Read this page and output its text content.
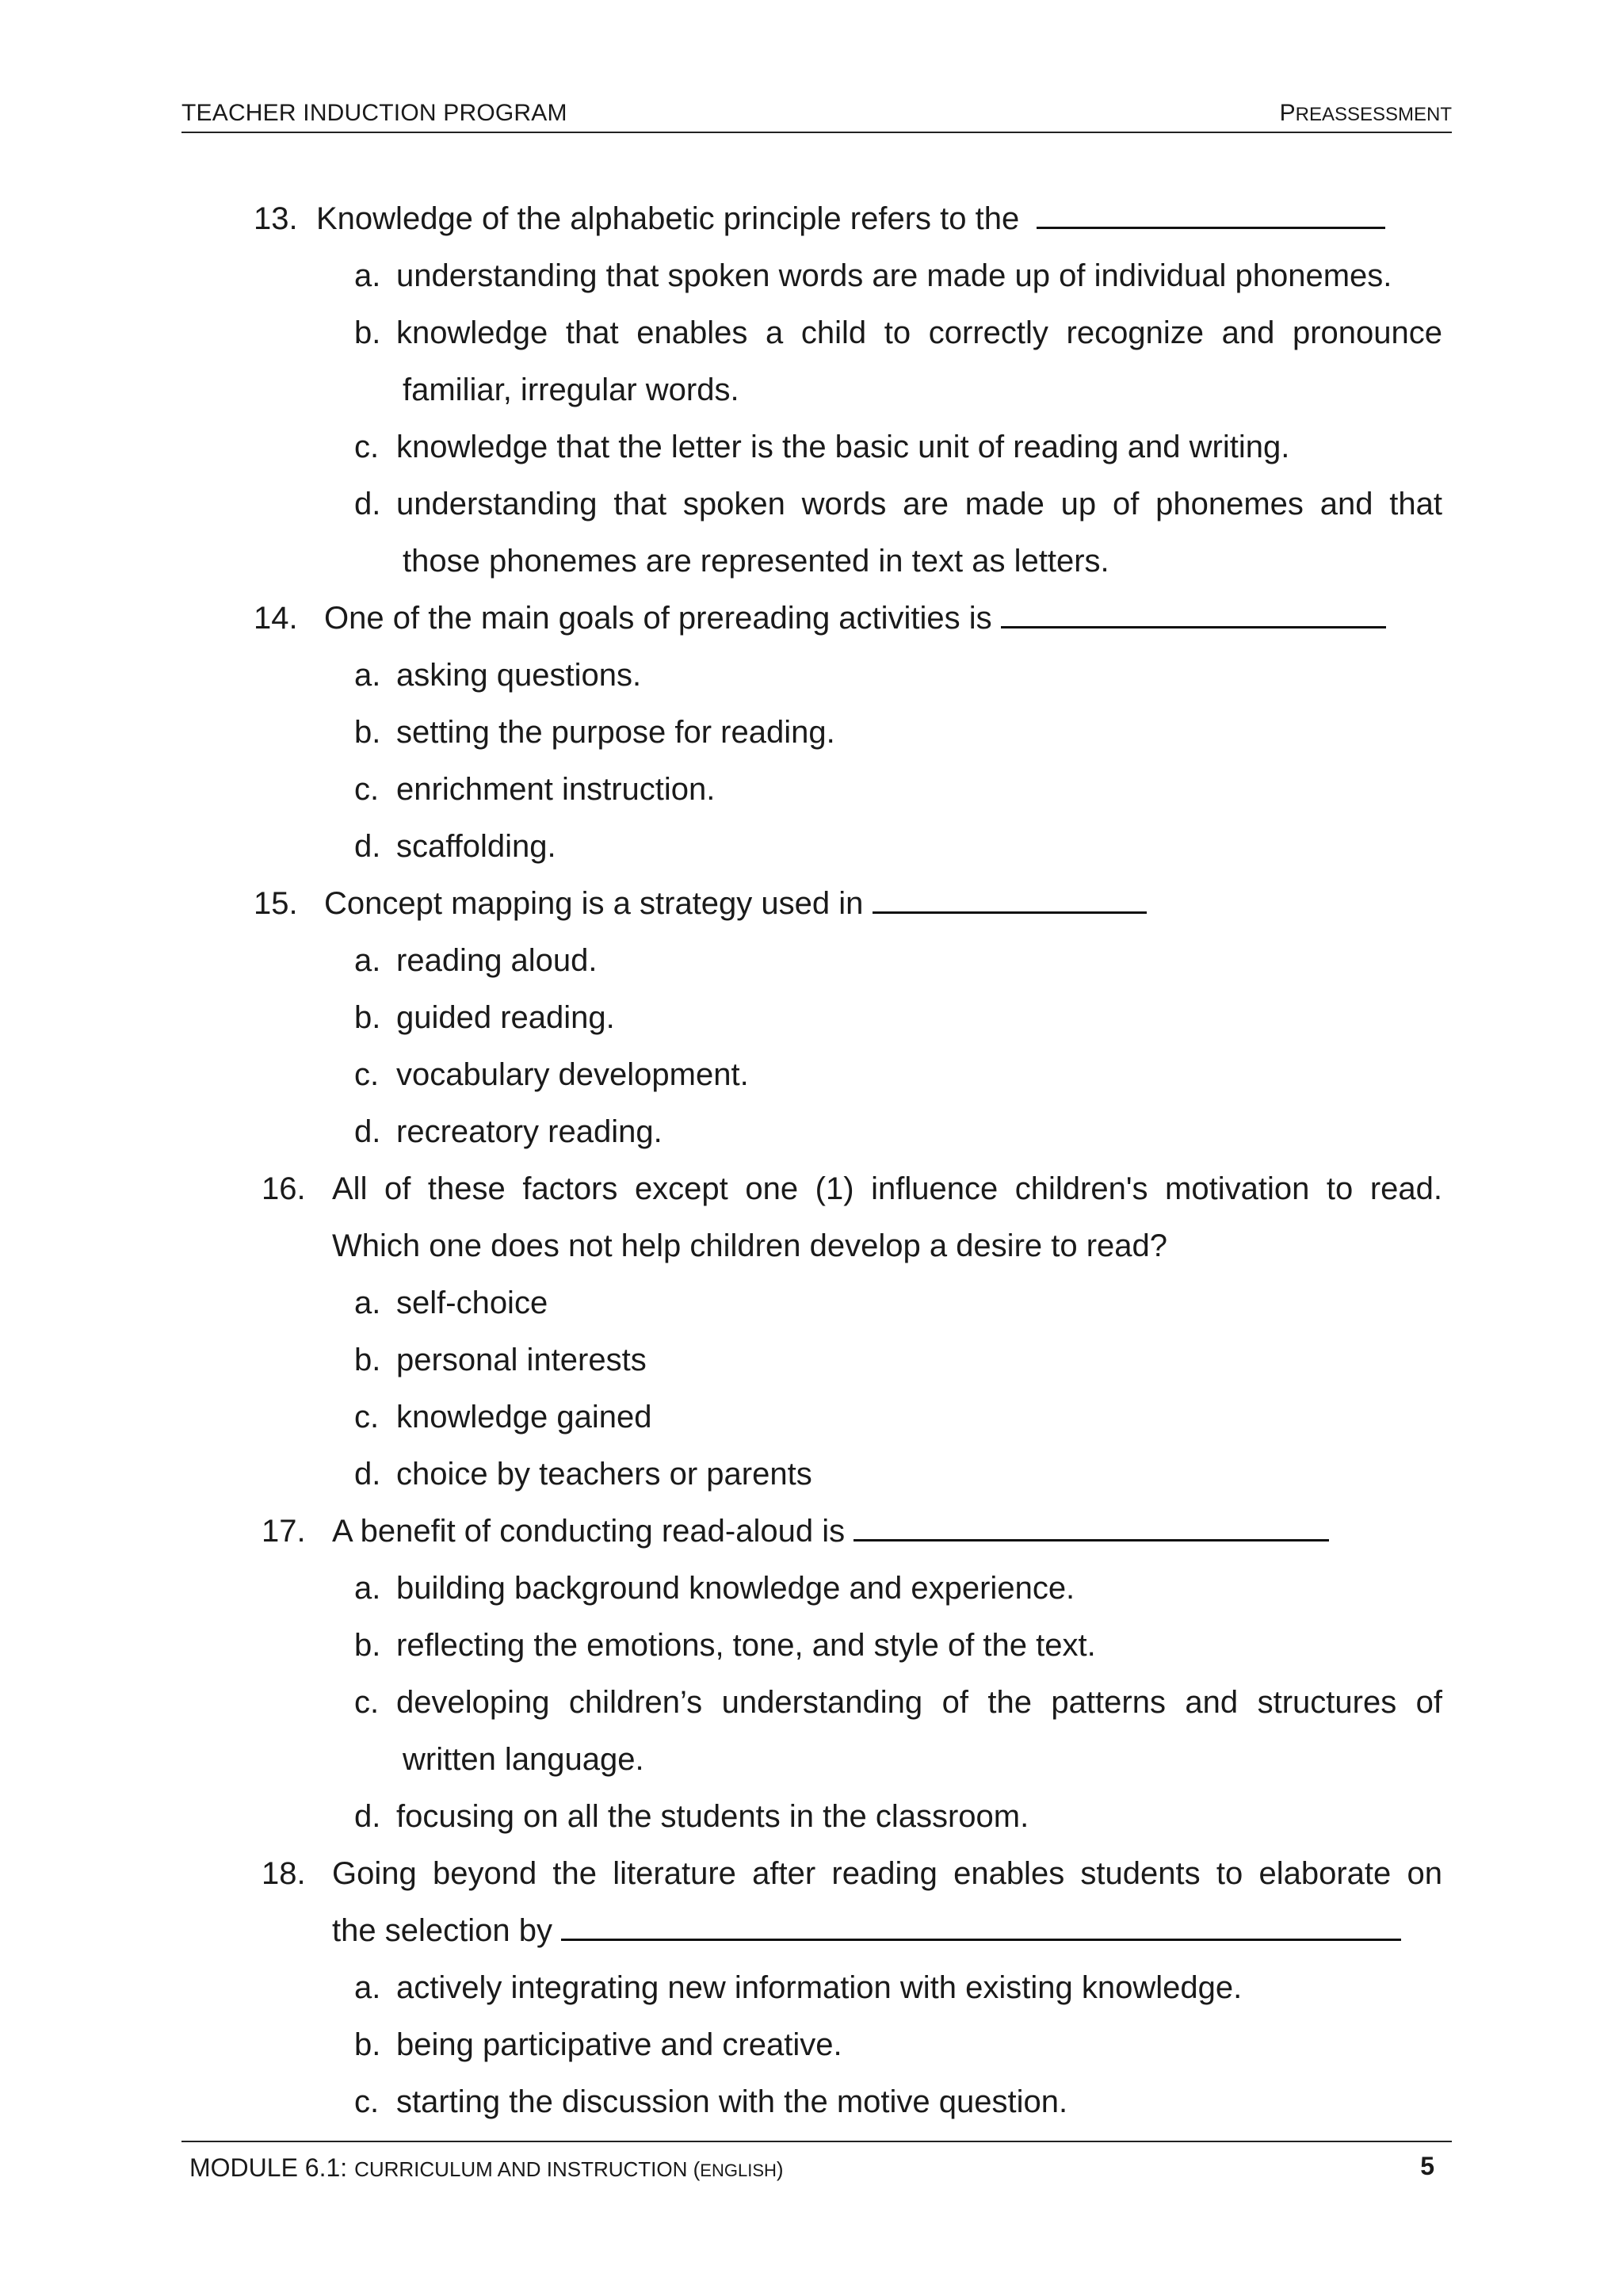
TEACHER INDUCTION PROGRAM	PREASSESSMENT
13. Knowledge of the alphabetic principle refers to the
a. understanding that spoken words are made up of individual phonemes.
b. knowledge that enables a child to correctly recognize and pronounce
familiar, irregular words.
c. knowledge that the letter is the basic unit of reading and writing.
d. understanding that spoken words are made up of phonemes and that
those phonemes are represented in text as letters.
14. One of the main goals of prereading activities is
a. asking questions.
b. setting the purpose for reading.
c. enrichment instruction.
d. scaffolding.
15. Concept mapping is a strategy used in
a. reading aloud.
b. guided reading.
c. vocabulary development.
d. recreatory reading.
16. All of these factors except one (1) influence children's motivation to read.
Which one does not help children develop a desire to read?
a. self-choice
b. personal interests
c. knowledge gained
d. choice by teachers or parents
17. A benefit of conducting read-aloud is
a. building background knowledge and experience.
b. reflecting the emotions, tone, and style of the text.
c. developing children’s understanding of the patterns and structures of
written language.
d. focusing on all the students in the classroom.
18. Going beyond the literature after reading enables students to elaborate on
the selection by
a. actively integrating new information with existing knowledge.
b. being participative and creative.
c. starting the discussion with the motive question.
MODULE 6.1: CURRICULUM AND INSTRUCTION (ENGLISH)	5
